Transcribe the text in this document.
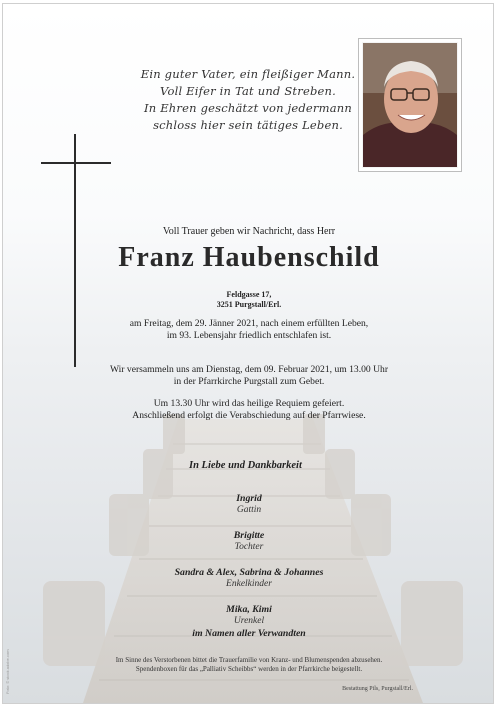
Ein guter Vater, ein fleißiger Mann.
Voll Eifer in Tat und Streben.
In Ehren geschätzt von jedermann
schloss hier sein tätiges Leben.
Voll Trauer geben wir Nachricht, dass Herr
Franz Haubenschild
Feldgasse 17,
3251 Purgstall/Erl.
am Freitag, dem 29. Jänner 2021, nach einem erfüllten Leben,
im 93. Lebensjahr friedlich entschlafen ist.
Wir versammeln uns am Dienstag, dem 09. Februar 2021, um 13.00 Uhr
in der Pfarrkirche Purgstall zum Gebet.
Um 13.30 Uhr wird das heilige Requiem gefeiert.
Anschließend erfolgt die Verabschiedung auf der Pfarrwiese.
In Liebe und Dankbarkeit
Ingrid
Gattin
Brigitte
Tochter
Sandra & Alex, Sabrina & Johannes
Enkelkinder
Mika, Kimi
Urenkel
im Namen aller Verwandten
Im Sinne des Verstorbenen bittet die Trauerfamilie von Kranz- und Blumenspenden abzusehen.
Spendenboxen für das „Palliativ Scheibbs“ werden in der Pfarrkirche beigestellt.
Bestattung Pils, Purgstall/Erl.
Foto: © stock.adobe.com
